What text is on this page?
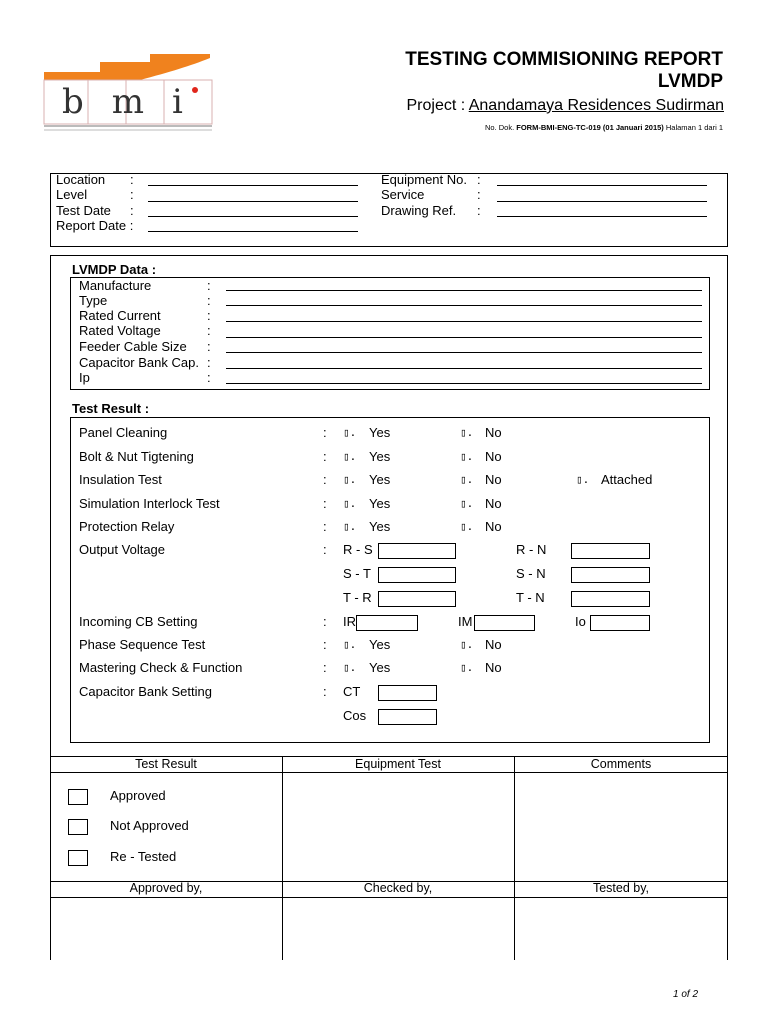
bmi
TESTING COMMISIONING REPORT
LVMDP
Project : Anandamaya Residences Sudirman
No. Dok. FORM-BMI-ENG-TC-019 (01 Januari 2015) Halaman 1 dari 1
Location :
Level	:
Test Date :
Report Date :
Equipment No. :
Service	:
Drawing Ref. :
LVMDP Data :
Manufacture	:
Type	:
Rated Current	:
Rated Voltage	:
Feeder Cable Size :
Capacitor Bank Cap. :
Ip	:
Test Result :
Panel Cleaning	: ▯. Yes	▯. No
Bolt & Nut Tigtening	: ▯. Yes	▯. No
Insulation Test	: ▯. Yes	▯. No	▯. Attached
Simulation Interlock Test	: ▯. Yes	▯. No
Protection Relay	: ▯. Yes	▯. No
Output Voltage	: R - S	R - N
S - T	S - N
T - R	T - N
Incoming CB Setting	: IR	IM	Io
Phase Sequence Test	: ▯. Yes	▯. No
Mastering Check & Function	: ▯. Yes	▯. No
Capacitor Bank Setting	: CT
Cos
Test Result	Equipment Test	Comments
Approved
Not Approved
Re - Tested
Approved by,	Checked by,	Tested by,
1 of 2
